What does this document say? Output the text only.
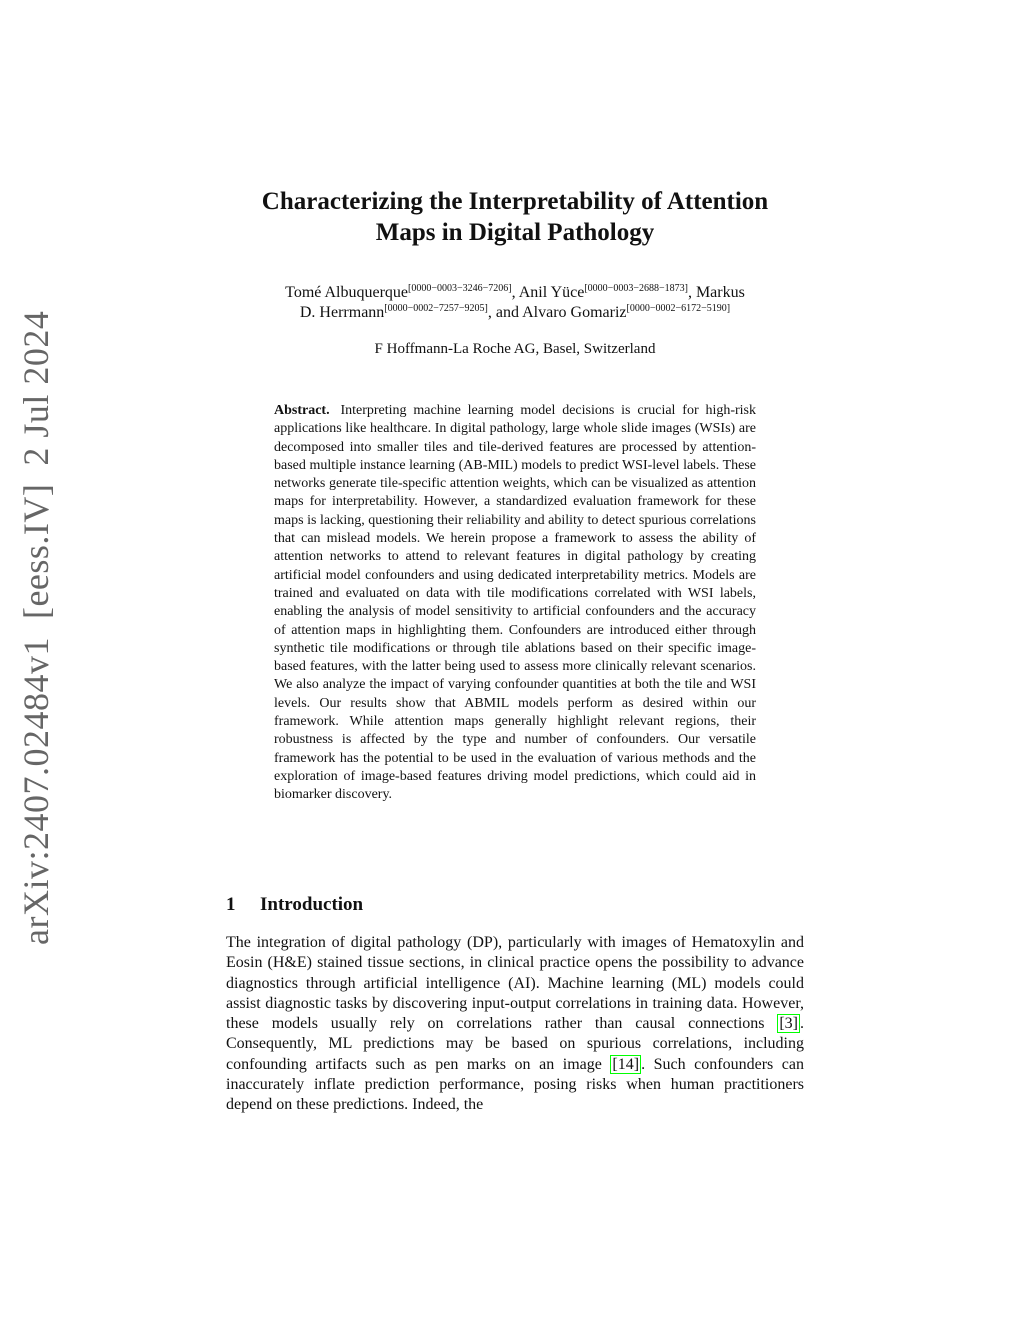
arXiv:2407.02484v1[eess.IV]2 Jul 2024
Characterizing the Interpretability of Attention
Maps in Digital Pathology
Tomé Albuquerque[0000−0003−3246−7206], Anil Yüce[0000−0003−2688−1873], Markus
D. Herrmann[0000−0002−7257−9205], and Alvaro Gomariz[0000−0002−6172−5190]
F Hoffmann-La Roche AG, Basel, Switzerland
Abstract. Interpreting machine learning model decisions is crucial for high-risk applications like healthcare. In digital pathology, large whole slide images (WSIs) are decomposed into smaller tiles and tile-derived features are processed by attention-based multiple instance learning (AB-MIL) models to predict WSI-level labels. These networks generate tile-specific attention weights, which can be visualized as attention maps for interpretability. However, a standardized evaluation framework for these maps is lacking, questioning their reliability and ability to detect spurious correlations that can mislead models. We herein propose a framework to assess the ability of attention networks to attend to relevant features in digital pathology by creating artificial model confounders and using dedicated interpretability metrics. Models are trained and evaluated on data with tile modifications correlated with WSI labels, enabling the analysis of model sensitivity to artificial confounders and the accuracy of attention maps in highlighting them. Confounders are introduced either through synthetic tile modifications or through tile ablations based on their specific image-based features, with the latter being used to assess more clinically relevant scenarios. We also analyze the impact of varying confounder quantities at both the tile and WSI levels. Our results show that ABMIL models perform as desired within our framework. While attention maps generally highlight relevant regions, their robustness is affected by the type and number of confounders. Our versatile framework has the potential to be used in the evaluation of various methods and the exploration of image-based features driving model predictions, which could aid in biomarker discovery.
1 Introduction
The integration of digital pathology (DP), particularly with images of Hematoxylin and Eosin (H&E) stained tissue sections, in clinical practice opens the possibility to advance diagnostics through artificial intelligence (AI). Machine learning (ML) models could assist diagnostic tasks by discovering input-output correlations in training data. However, these models usually rely on correlations rather than causal connections [3] . Consequently, ML predictions may be based on spurious correlations, including confounding artifacts such as pen marks on an image [14] . Such confounders can inaccurately inflate prediction performance, posing risks when human practitioners depend on these predictions. Indeed, the
